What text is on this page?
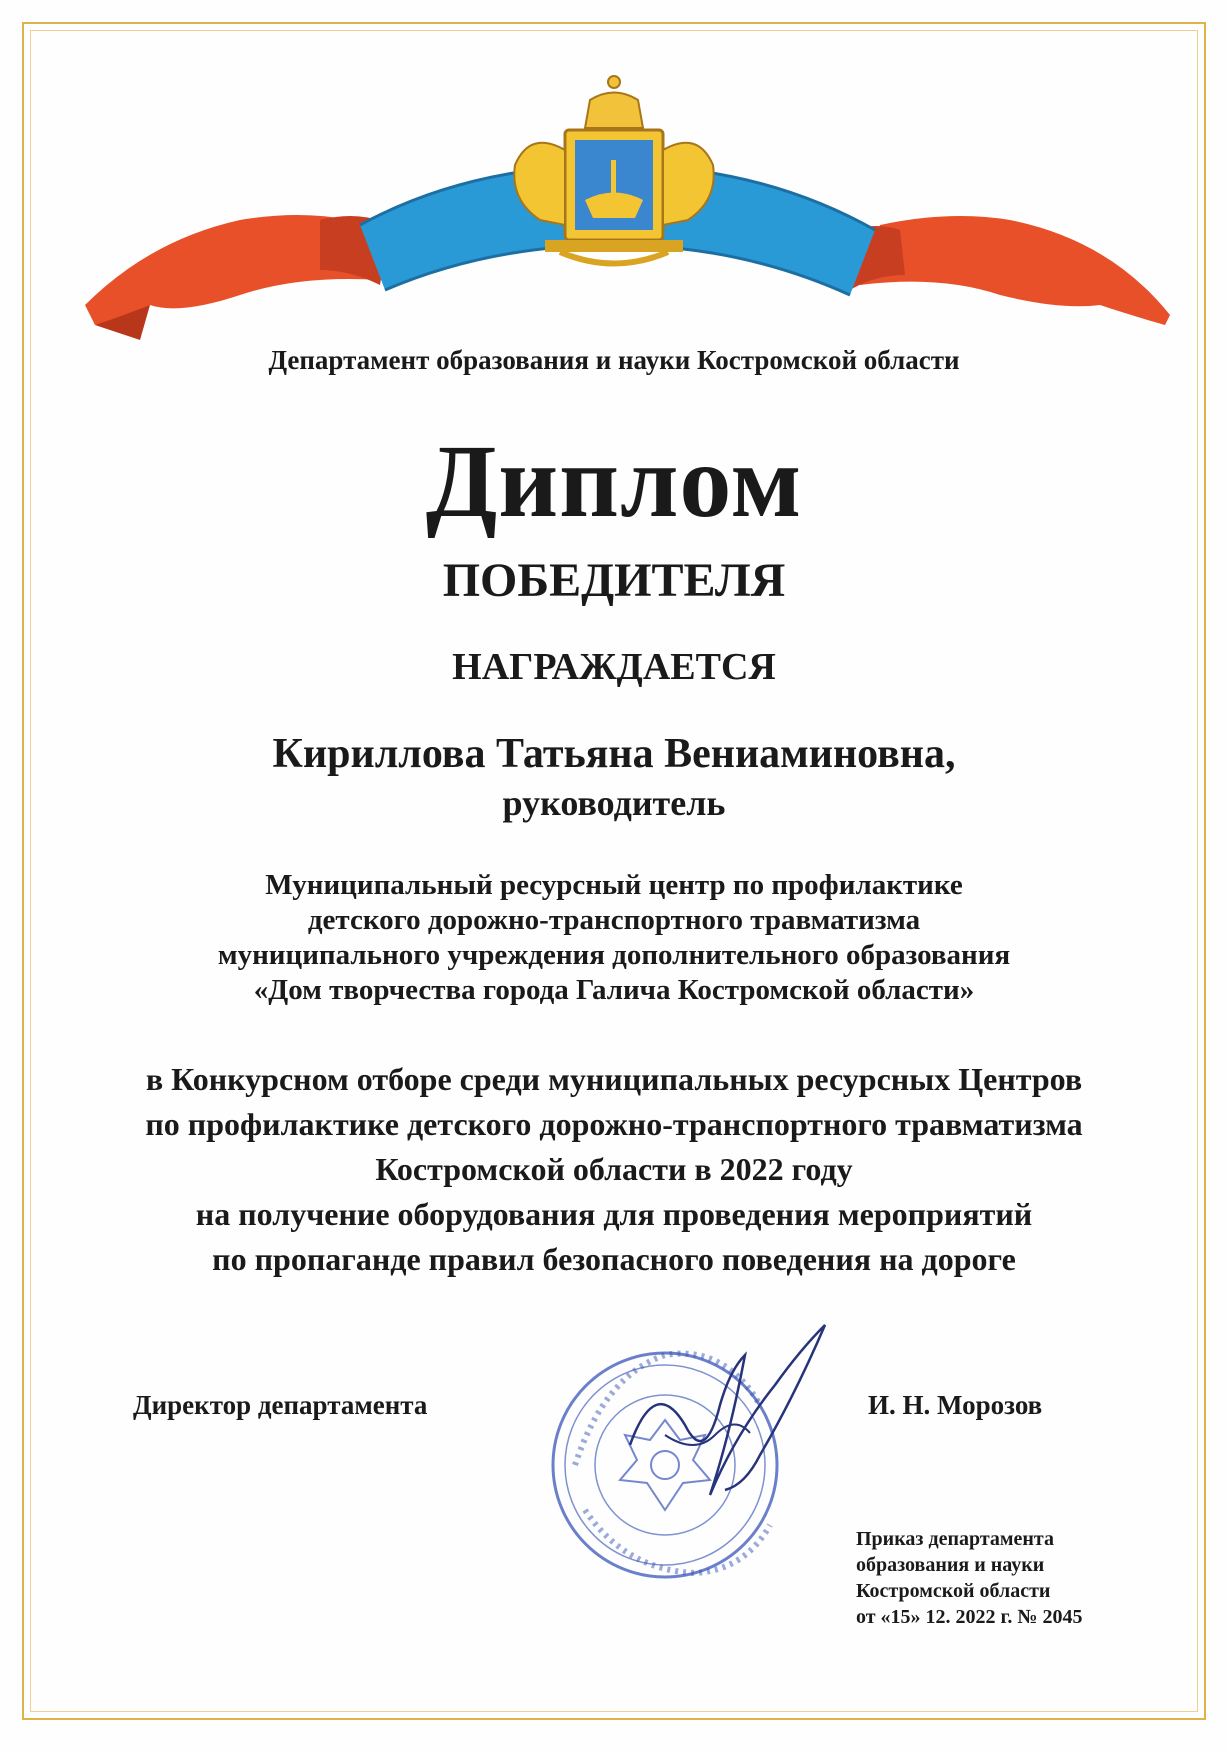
Департамент образования и науки Костромской области

Диплом

ПОБЕДИТЕЛЯ

НАГРАЖДАЕТСЯ

Кириллова Татьяна Вениаминовна,

руководитель

Муниципальный ресурсный центр по профилактике
детского дорожно-транспортного травматизма
муниципального учреждения дополнительного образования
«Дом творчества города Галича Костромской области»
в Конкурсном отборе среди муниципальных ресурсных Центров
по профилактике детского дорожно-транспортного травматизма
Костромской области в 2022 году
на получение оборудования для проведения мероприятий
по пропаганде правил безопасного поведения на дороге
Директор департамента	И. Н. Морозов
Приказ департамента
образования и науки
Костромской области
от «15» 12. 2022 г. № 2045
